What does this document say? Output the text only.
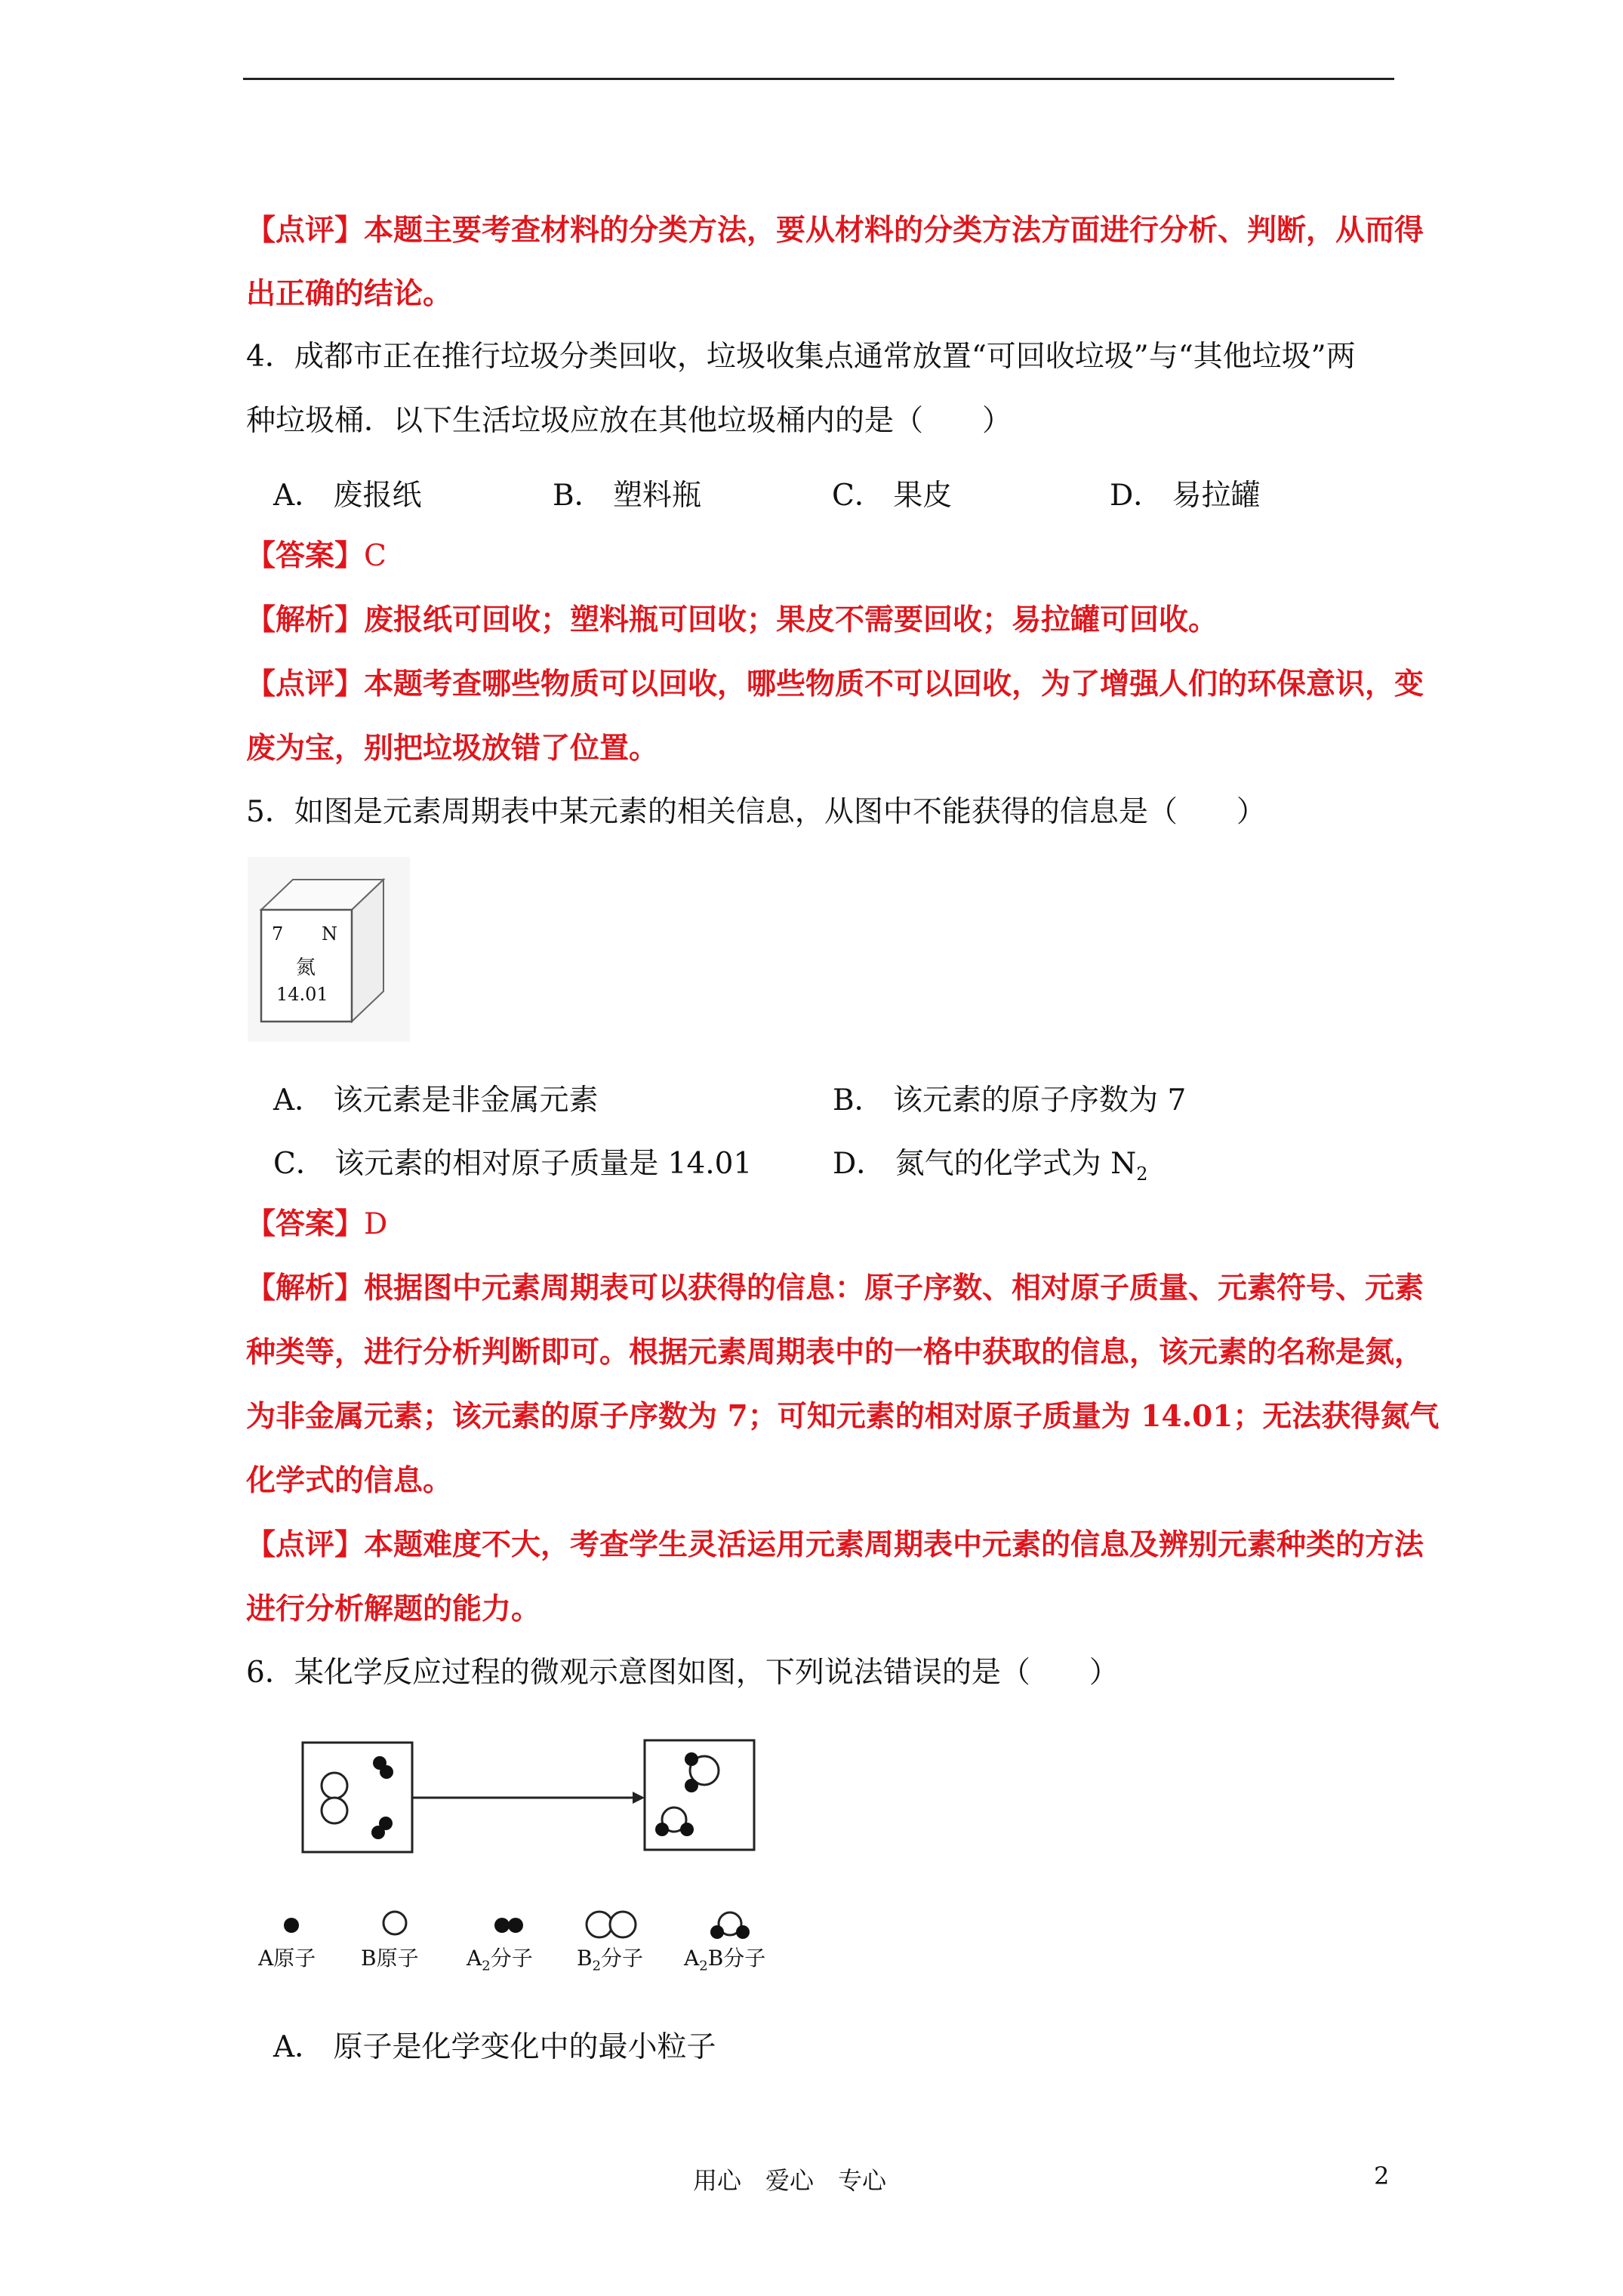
【点评】本题主要考查材料的分类方法，要从材料的分类方法方面进行分析、判断，从而得
出正确的结论。
4．成都市正在推行垃圾分类回收，垃圾收集点通常放置“可回收垃圾”与“其他垃圾”两
种垃圾桶．以下生活垃圾应放在其他垃圾桶内的是（　　）
A． 废报纸	B． 塑料瓶	C． 果皮	D． 易拉罐
【答案】C
【解析】废报纸可回收；塑料瓶可回收；果皮不需要回收；易拉罐可回收。
【点评】本题考查哪些物质可以回收，哪些物质不可以回收，为了增强人们的环保意识，变
废为宝，别把垃圾放错了位置。
5．如图是元素周期表中某元素的相关信息，从图中不能获得的信息是（　　）
7 N
氮
14.01
A． 该元素是非金属元素	B． 该元素的原子序数为 7
C． 该元素的相对原子质量是 14.01	D． 氮气的化学式为 $N_2$
【答案】D
【解析】根据图中元素周期表可以获得的信息：原子序数、相对原子质量、元素符号、元素
种类等，进行分析判断即可。根据元素周期表中的一格中获取的信息，该元素的名称是氮，
为非金属元素；该元素的原子序数为 7；可知元素的相对原子质量为 14.01；无法获得氮气
化学式的信息。
【点评】本题难度不大，考查学生灵活运用元素周期表中元素的信息及辨别元素种类的方法
进行分析解题的能力。
6．某化学反应过程的微观示意图如图，下列说法错误的是（　　）
A原子 B原子 $A_2$分子 $B_2$分子 $A_2B$分子
A． 原子是化学变化中的最小粒子
用心　爱心　专心	2
